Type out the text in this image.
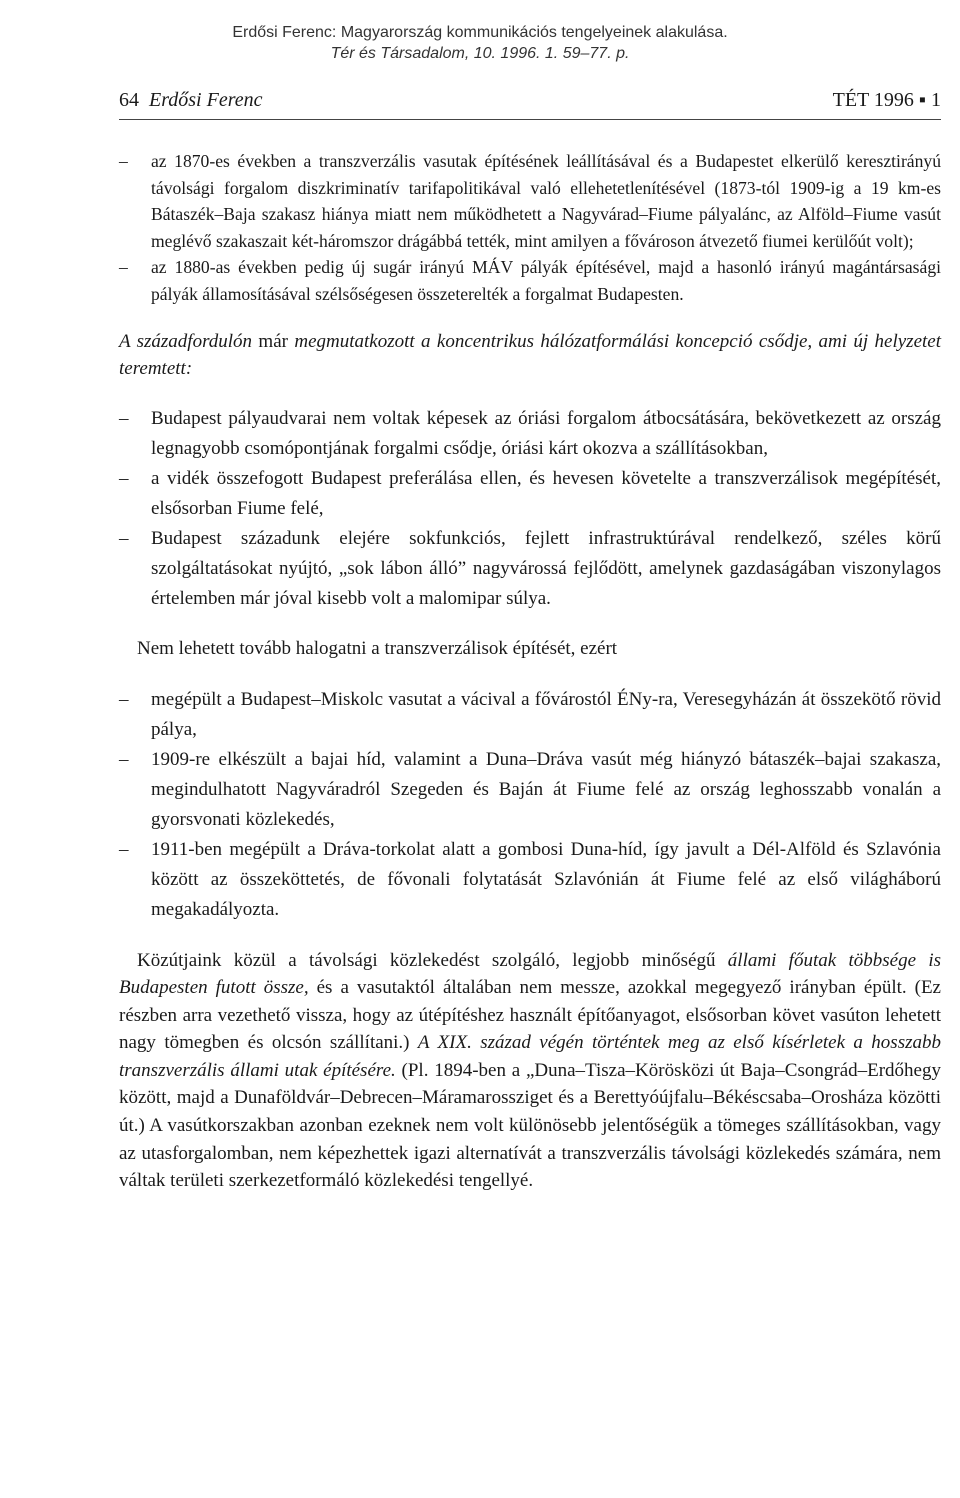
Erdősi Ferenc: Magyarország kommunikációs tengelyeinek alakulása.
Tér és Társadalom, 10. 1996. 1. 59–77. p.
64 Erdősi Ferenc	TÉT 1996 ▪ 1
– az 1870-es években a transzverzális vasutak építésének leállításával és a Budapestet elkerülő keresztirányú távolsági forgalom diszkriminatív tarifapolitikával való ellehetetlenítésével (1873-tól 1909-ig a 19 km-es Bátaszék–Baja szakasz hiánya miatt nem működhetett a Nagyvárad–Fiume pályalánc, az Alföld–Fiume vasút meglévő szakaszait két-háromszor drágábbá tették, mint amilyen a fővároson átvezető fiumei kerülőút volt);
– az 1880-as években pedig új sugár irányú MÁV pályák építésével, majd a hasonló irányú magántársasági pályák államosításával szélsőségesen összeterelték a forgalmat Budapesten.

A századfordulón már megmutatkozott a koncentrikus hálózatformálási koncepció csődje, ami új helyzetet teremtett:

– Budapest pályaudvarai nem voltak képesek az óriási forgalom átbocsátására, bekövetkezett az ország legnagyobb csomópontjának forgalmi csődje, óriási kárt okozva a szállításokban,
– a vidék összefogott Budapest preferálása ellen, és hevesen követelte a transzverzálisok megépítését, elsősorban Fiume felé,
– Budapest századunk elejére sokfunkciós, fejlett infrastruktúrával rendelkező, széles körű szolgáltatásokat nyújtó, „sok lábon álló” nagyvárossá fejlődött, amelynek gazdaságában viszonylagos értelemben már jóval kisebb volt a malomipar súlya.

Nem lehetett tovább halogatni a transzverzálisok építését, ezért

– megépült a Budapest–Miskolc vasutat a vácival a fővárostól ÉNy-ra, Veresegyházán át összekötő rövid pálya,
– 1909-re elkészült a bajai híd, valamint a Duna–Dráva vasút még hiányzó bátaszék–bajai szakasza, megindulhatott Nagyváradról Szegeden és Baján át Fiume felé az ország leghosszabb vonalán a gyorsvonati közlekedés,
– 1911-ben megépült a Dráva-torkolat alatt a gombosi Duna-híd, így javult a Dél-Alföld és Szlavónia között az összeköttetés, de fővonali folytatását Szlavónián át Fiume felé az első világháború megakadályozta.

Közútjaink közül a távolsági közlekedést szolgáló, legjobb minőségű állami főutak többsége is Budapesten futott össze, és a vasutaktól általában nem messze, azokkal megegyező irányban épült. (Ez részben arra vezethető vissza, hogy az útépítéshez használt építőanyagot, elsősorban követ vasúton lehetett nagy tömegben és olcsón szállítani.) A XIX. század végén történtek meg az első kísérletek a hosszabb transzverzális állami utak építésére. (Pl. 1894-ben a „Duna–Tisza–Körösközi út Baja–Csongrád–Erdőhegy között, majd a Dunaföldvár–Debrecen–Máramarossziget és a Berettyóújfalu–Békéscsaba–Orosháza közötti út.) A vasútkorszakban azonban ezeknek nem volt különösebb jelentőségük a tömeges szállításokban, vagy az utasforgalomban, nem képezhettek igazi alternatívát a transzverzális távolsági közlekedés számára, nem váltak területi szerkezetformáló közlekedési tengellyé.
